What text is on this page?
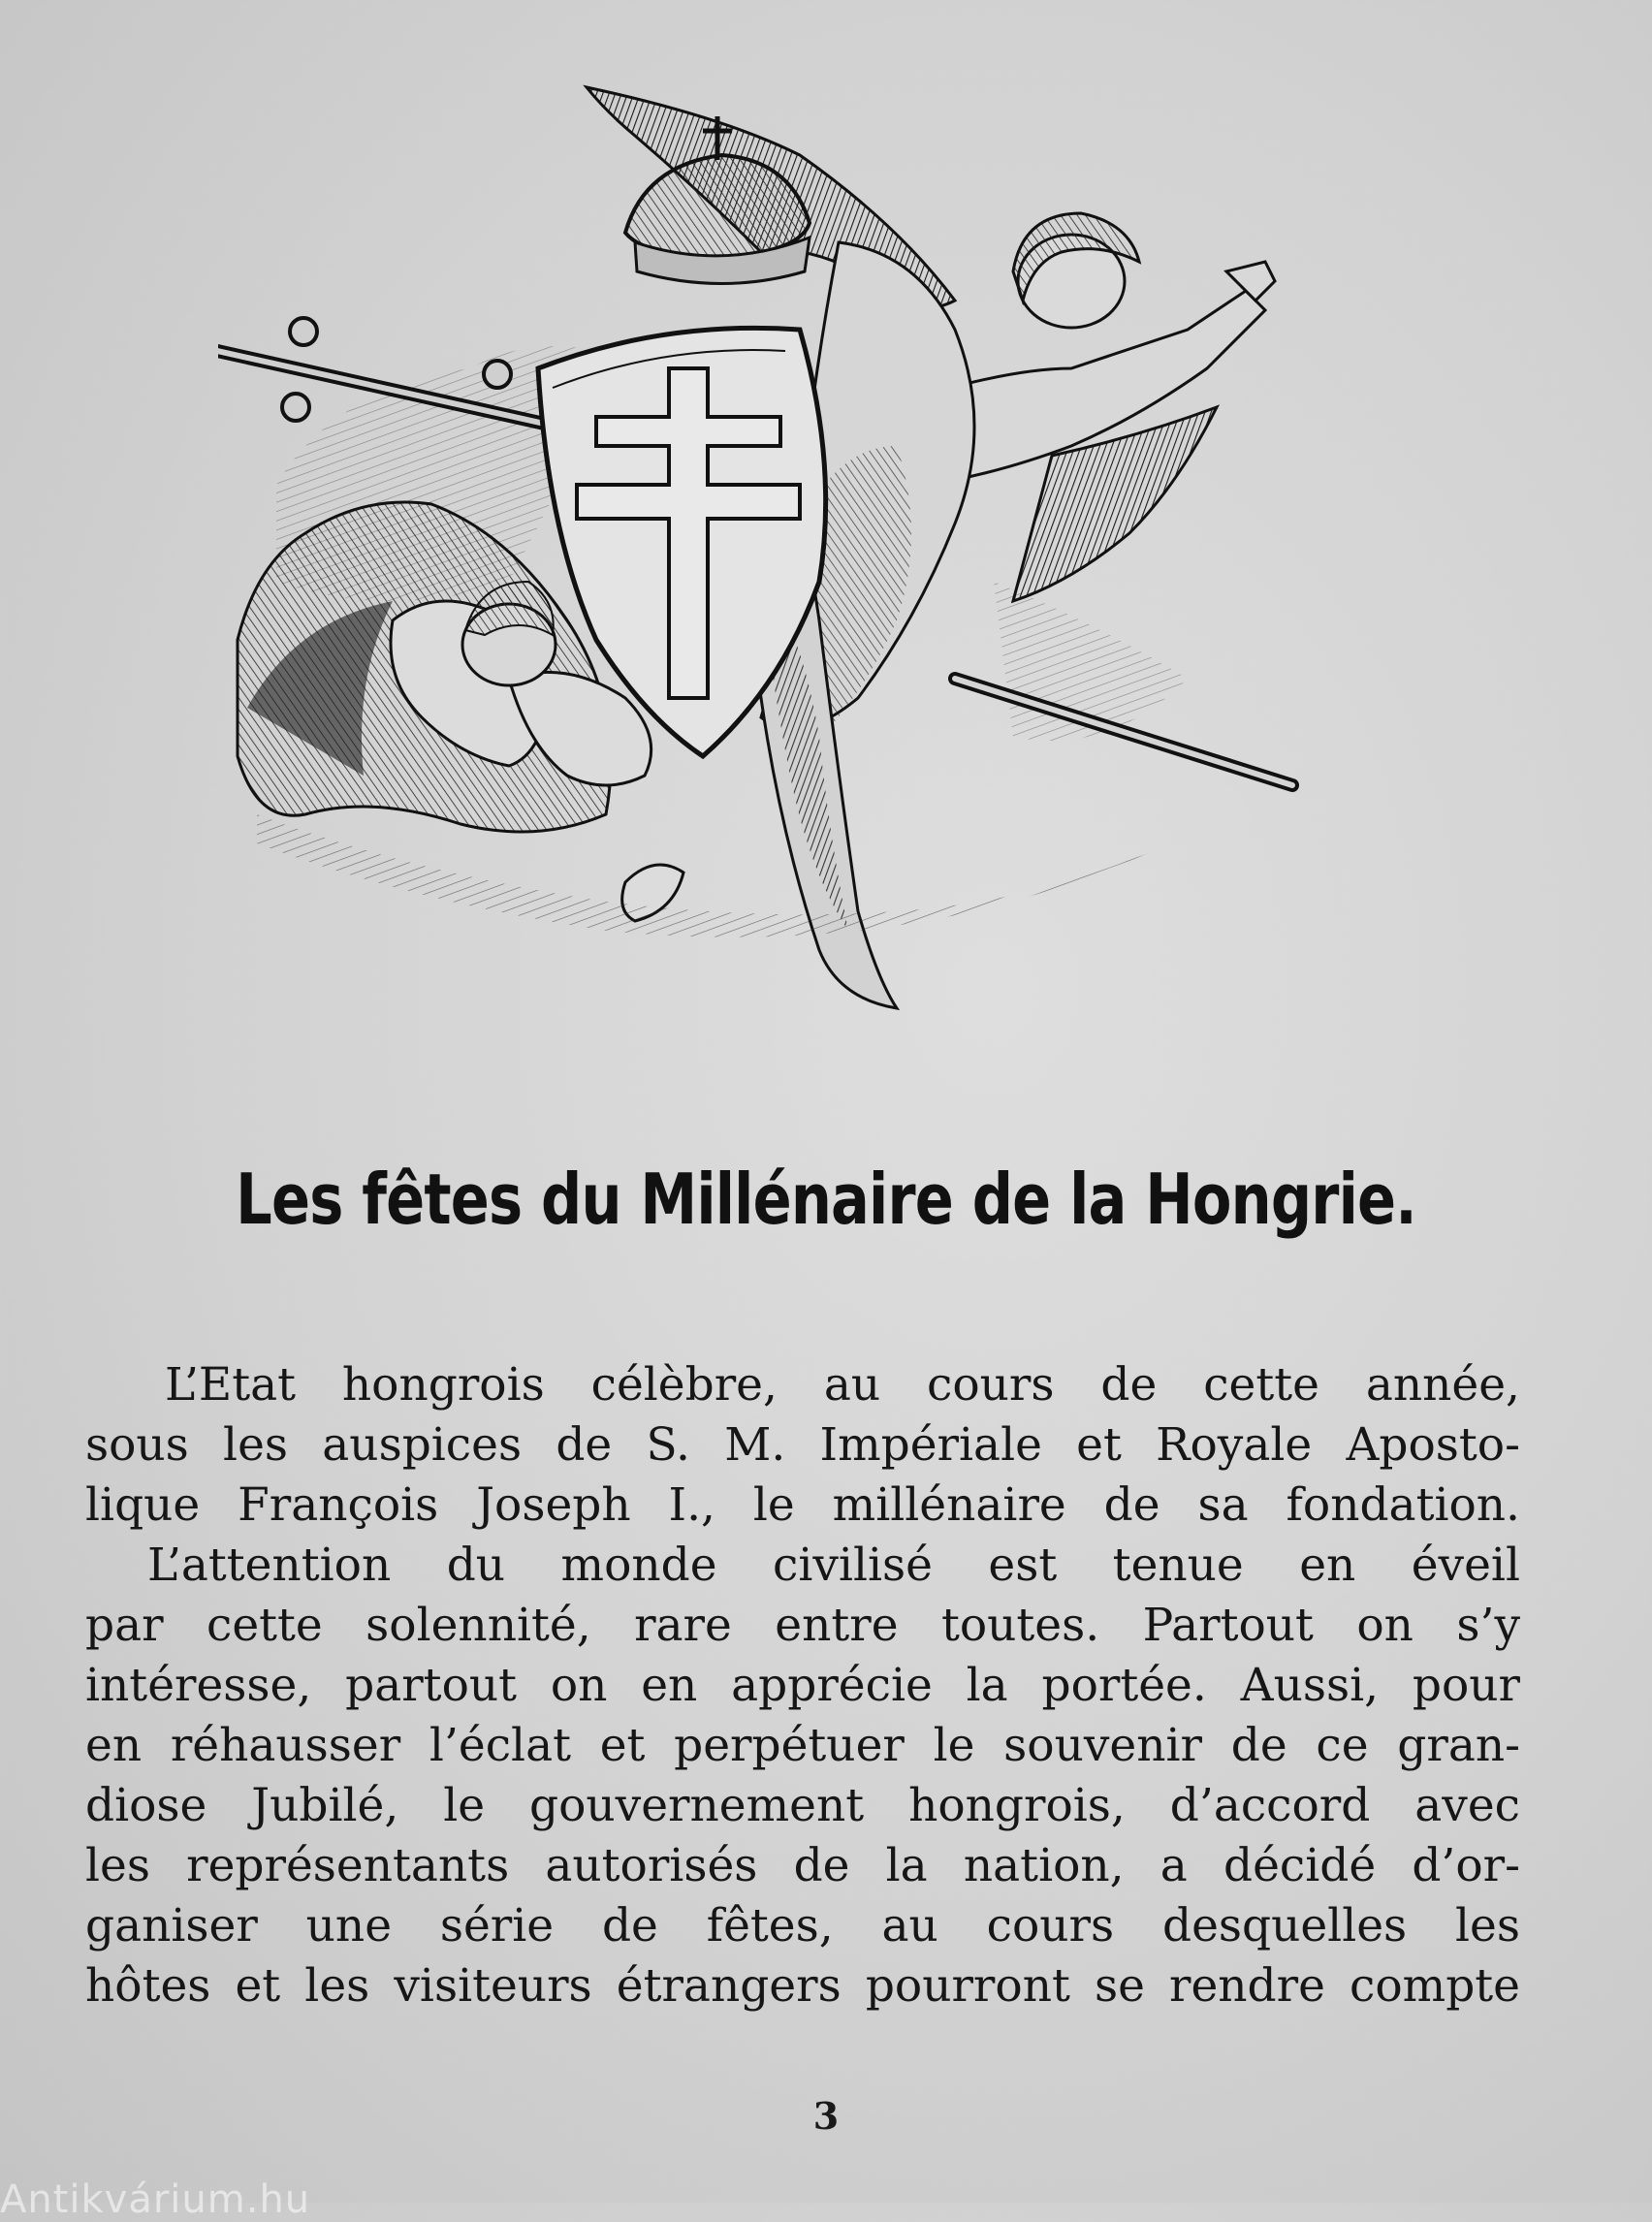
Les fêtes du Millénaire de la Hongrie.
L’Etat hongrois célèbre, au cours de cette année,
sous les auspices de S. M. Impériale et Royale Aposto-
lique François Joseph I., le millénaire de sa fondation.
L’attention du monde civilisé est tenue en éveil
par cette solennité, rare entre toutes. Partout on s’y
intéresse, partout on en apprécie la portée. Aussi, pour
en réhausser l’éclat et perpétuer le souvenir de ce gran-
diose Jubilé, le gouvernement hongrois, d’accord avec
les représentants autorisés de la nation, a décidé d’or-
ganiser une série de fêtes, au cours desquelles les
hôtes et les visiteurs étrangers pourront se rendre compte
3
Antikvárium.hu
